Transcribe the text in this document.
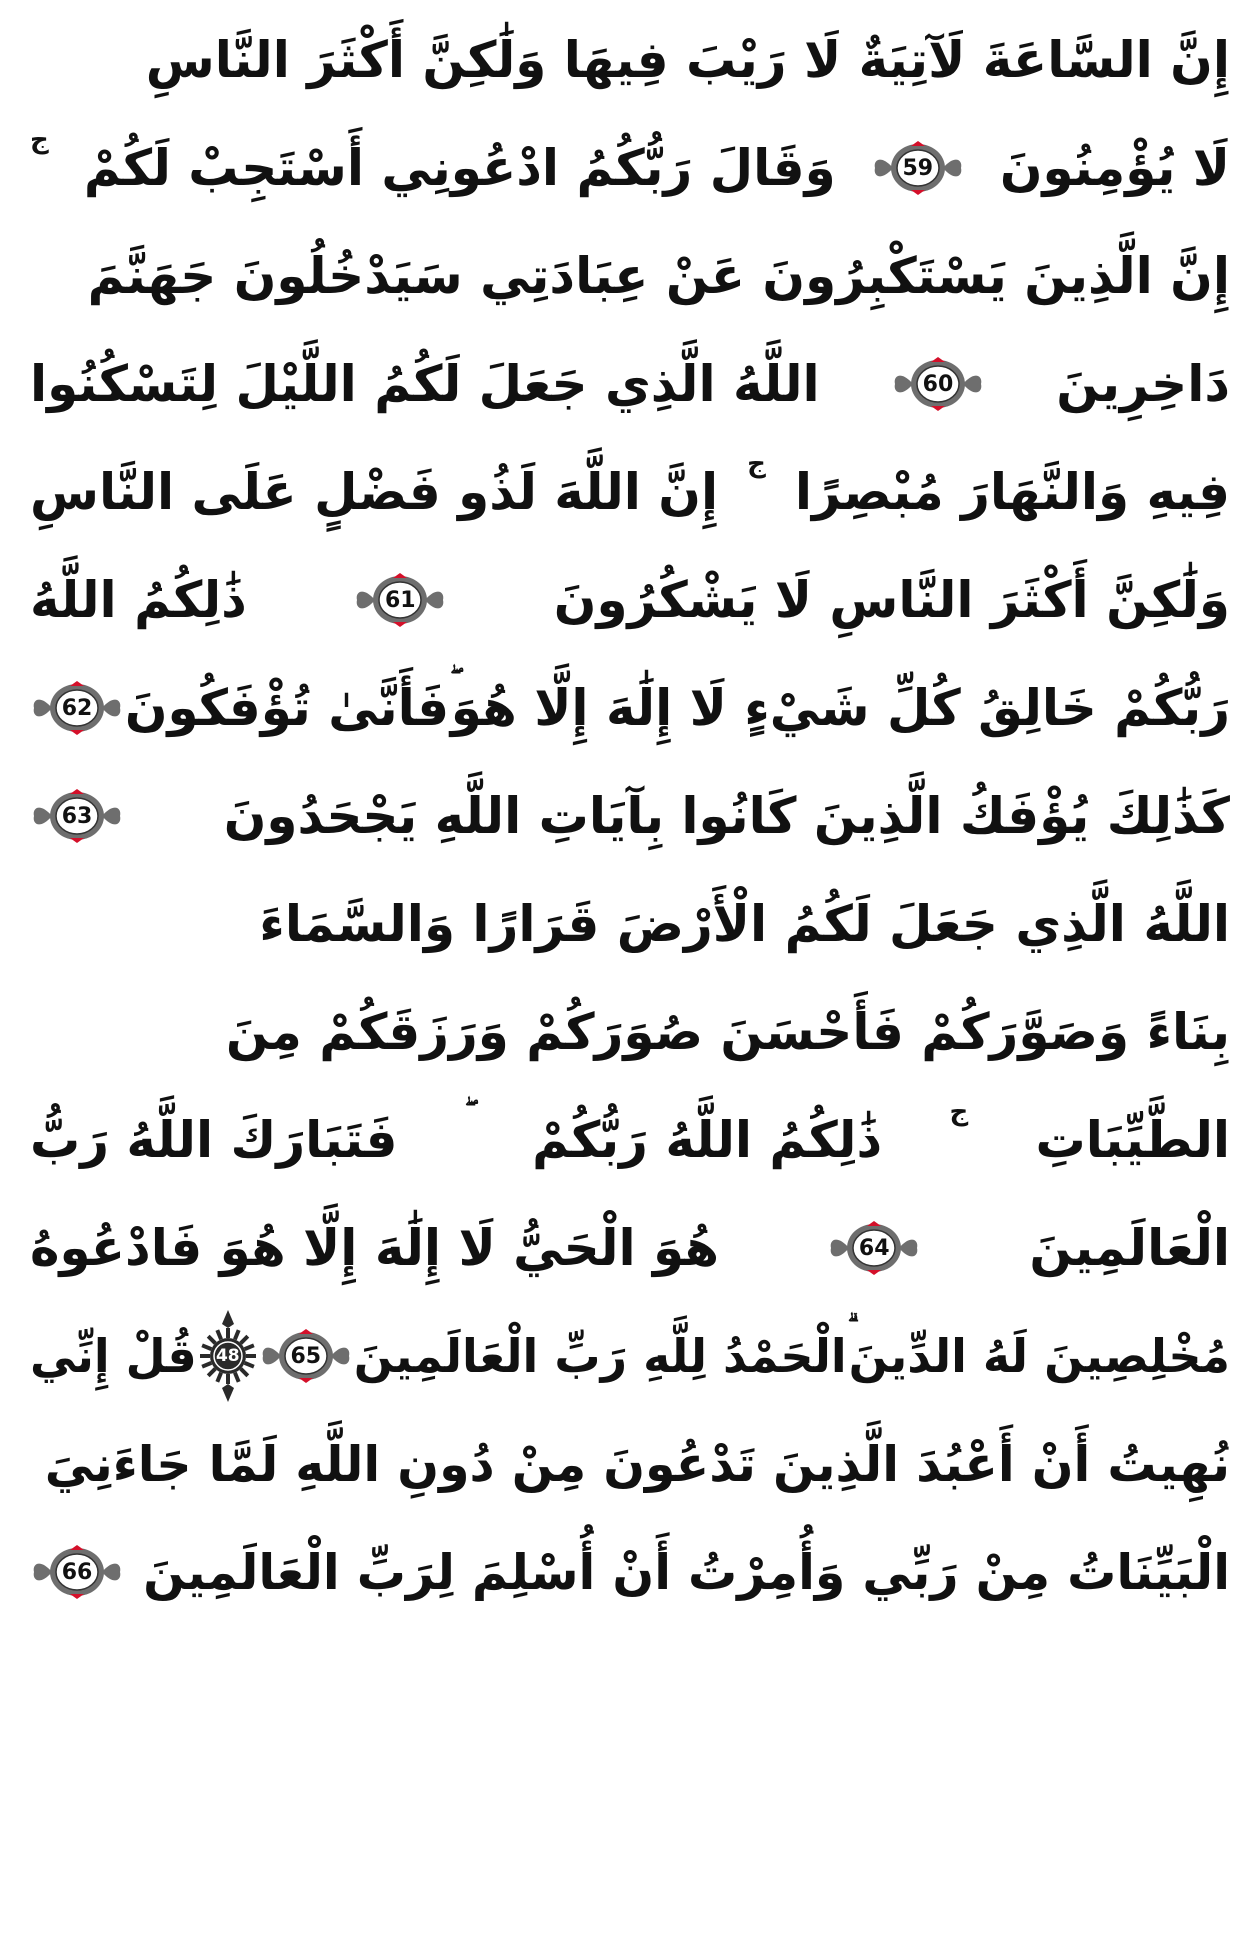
إِنَّ السَّاعَةَ لَآتِيَةٌ لَا رَيْبَ فِيهَا وَلَٰكِنَّ أَكْثَرَ النَّاسِ
لَا يُؤْمِنُونَ
59
وَقَالَ رَبُّكُمُ ادْعُونِي أَسْتَجِبْ لَكُمْ
ج
إِنَّ الَّذِينَ يَسْتَكْبِرُونَ عَنْ عِبَادَتِي سَيَدْخُلُونَ جَهَنَّمَ
دَاخِرِينَ
60
اللَّهُ الَّذِي جَعَلَ لَكُمُ اللَّيْلَ لِتَسْكُنُوا
فِيهِ وَالنَّهَارَ مُبْصِرًا
ج
إِنَّ اللَّهَ لَذُو فَضْلٍ عَلَى النَّاسِ
وَلَٰكِنَّ أَكْثَرَ النَّاسِ لَا يَشْكُرُونَ
61
ذَٰلِكُمُ اللَّهُ
رَبُّكُمْ خَالِقُ كُلِّ شَيْءٍ لَا إِلَٰهَ إِلَّا هُوَ
فَأَنَّىٰ تُؤْفَكُونَ
62
كَذَٰلِكَ يُؤْفَكُ الَّذِينَ كَانُوا بِآيَاتِ اللَّهِ يَجْحَدُونَ
63
اللَّهُ الَّذِي جَعَلَ لَكُمُ الْأَرْضَ قَرَارًا وَالسَّمَاءَ
بِنَاءً وَصَوَّرَكُمْ فَأَحْسَنَ صُوَرَكُمْ وَرَزَقَكُمْ مِنَ
الطَّيِّبَاتِ
ج
ذَٰلِكُمُ اللَّهُ رَبُّكُمْ
فَتَبَارَكَ اللَّهُ رَبُّ
الْعَالَمِينَ
64
هُوَ الْحَيُّ لَا إِلَٰهَ إِلَّا هُوَ فَادْعُوهُ
مُخْلِصِينَ لَهُ الدِّينَ
الْحَمْدُ لِلَّهِ رَبِّ الْعَالَمِينَ
65
48
قُلْ إِنِّي
نُهِيتُ أَنْ أَعْبُدَ الَّذِينَ تَدْعُونَ مِنْ دُونِ اللَّهِ لَمَّا جَاءَنِيَ
الْبَيِّنَاتُ مِنْ رَبِّي وَأُمِرْتُ أَنْ أُسْلِمَ لِرَبِّ الْعَالَمِينَ
66
